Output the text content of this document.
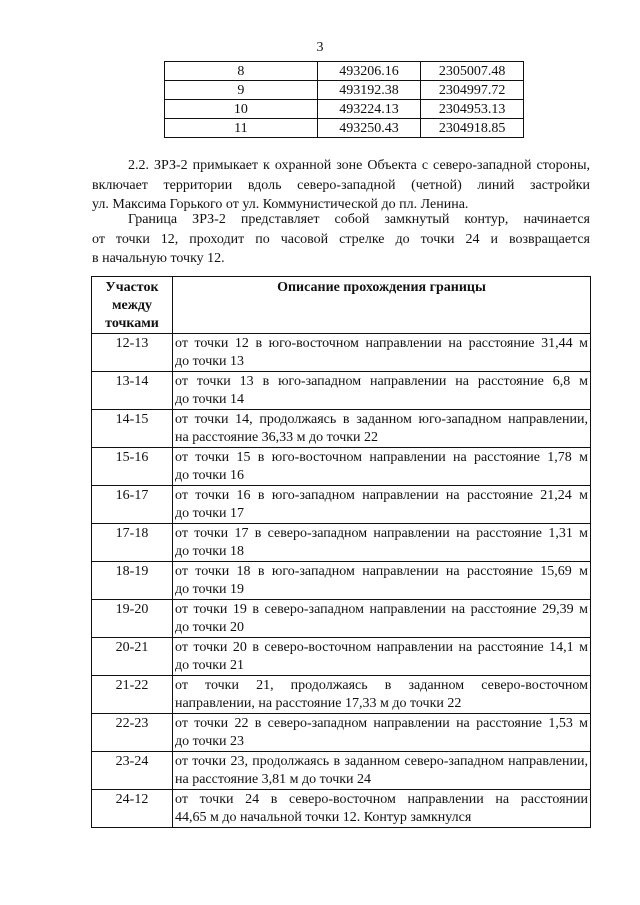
3
8	493206.16	2305007.48
9	493192.38	2304997.72
10	493224.13	2304953.13
11	493250.43	2304918.85

2.2. ЗРЗ-2 примыкает к охранной зоне Объекта с северо-западной стороны,
включает территории вдоль северо-западной (четной) линий застройки
ул. Максима Горького от ул. Коммунистической до пл. Ленина.

Граница ЗРЗ-2 представляет собой замкнутый контур, начинается
от точки 12, проходит по часовой стрелке до точки 24 и возвращается
в начальную точку 12.

Участок
между
точками	Описание прохождения границы
12-13	от точки 12 в юго-восточном направлении на расстояние 31,44 м
до точки 13

13-14	от точки 13 в юго-западном направлении на расстояние 6,8 м
до точки 14

14-15	от точки 14, продолжаясь в заданном юго-западном направлении,
на расстояние 36,33 м до точки 22

15-16	от точки 15 в юго-восточном направлении на расстояние 1,78 м
до точки 16

16-17	от точки 16 в юго-западном направлении на расстояние 21,24 м
до точки 17

17-18	от точки 17 в северо-западном направлении на расстояние 1,31 м
до точки 18

18-19	от точки 18 в юго-западном направлении на расстояние 15,69 м
до точки 19

19-20	от точки 19 в северо-западном направлении на расстояние 29,39 м
до точки 20

20-21	от точки 20 в северо-восточном направлении на расстояние 14,1 м
до точки 21

21-22	от точки 21, продолжаясь в заданном северо-восточном
направлении, на расстояние 17,33 м до точки 22

22-23	от точки 22 в северо-западном направлении на расстояние 1,53 м
до точки 23

23-24	от точки 23, продолжаясь в заданном северо-западном направлении,
на расстояние 3,81 м до точки 24

24-12	от точки 24 в северо-восточном направлении на расстоянии
44,65 м до начальной точки 12. Контур замкнулся
